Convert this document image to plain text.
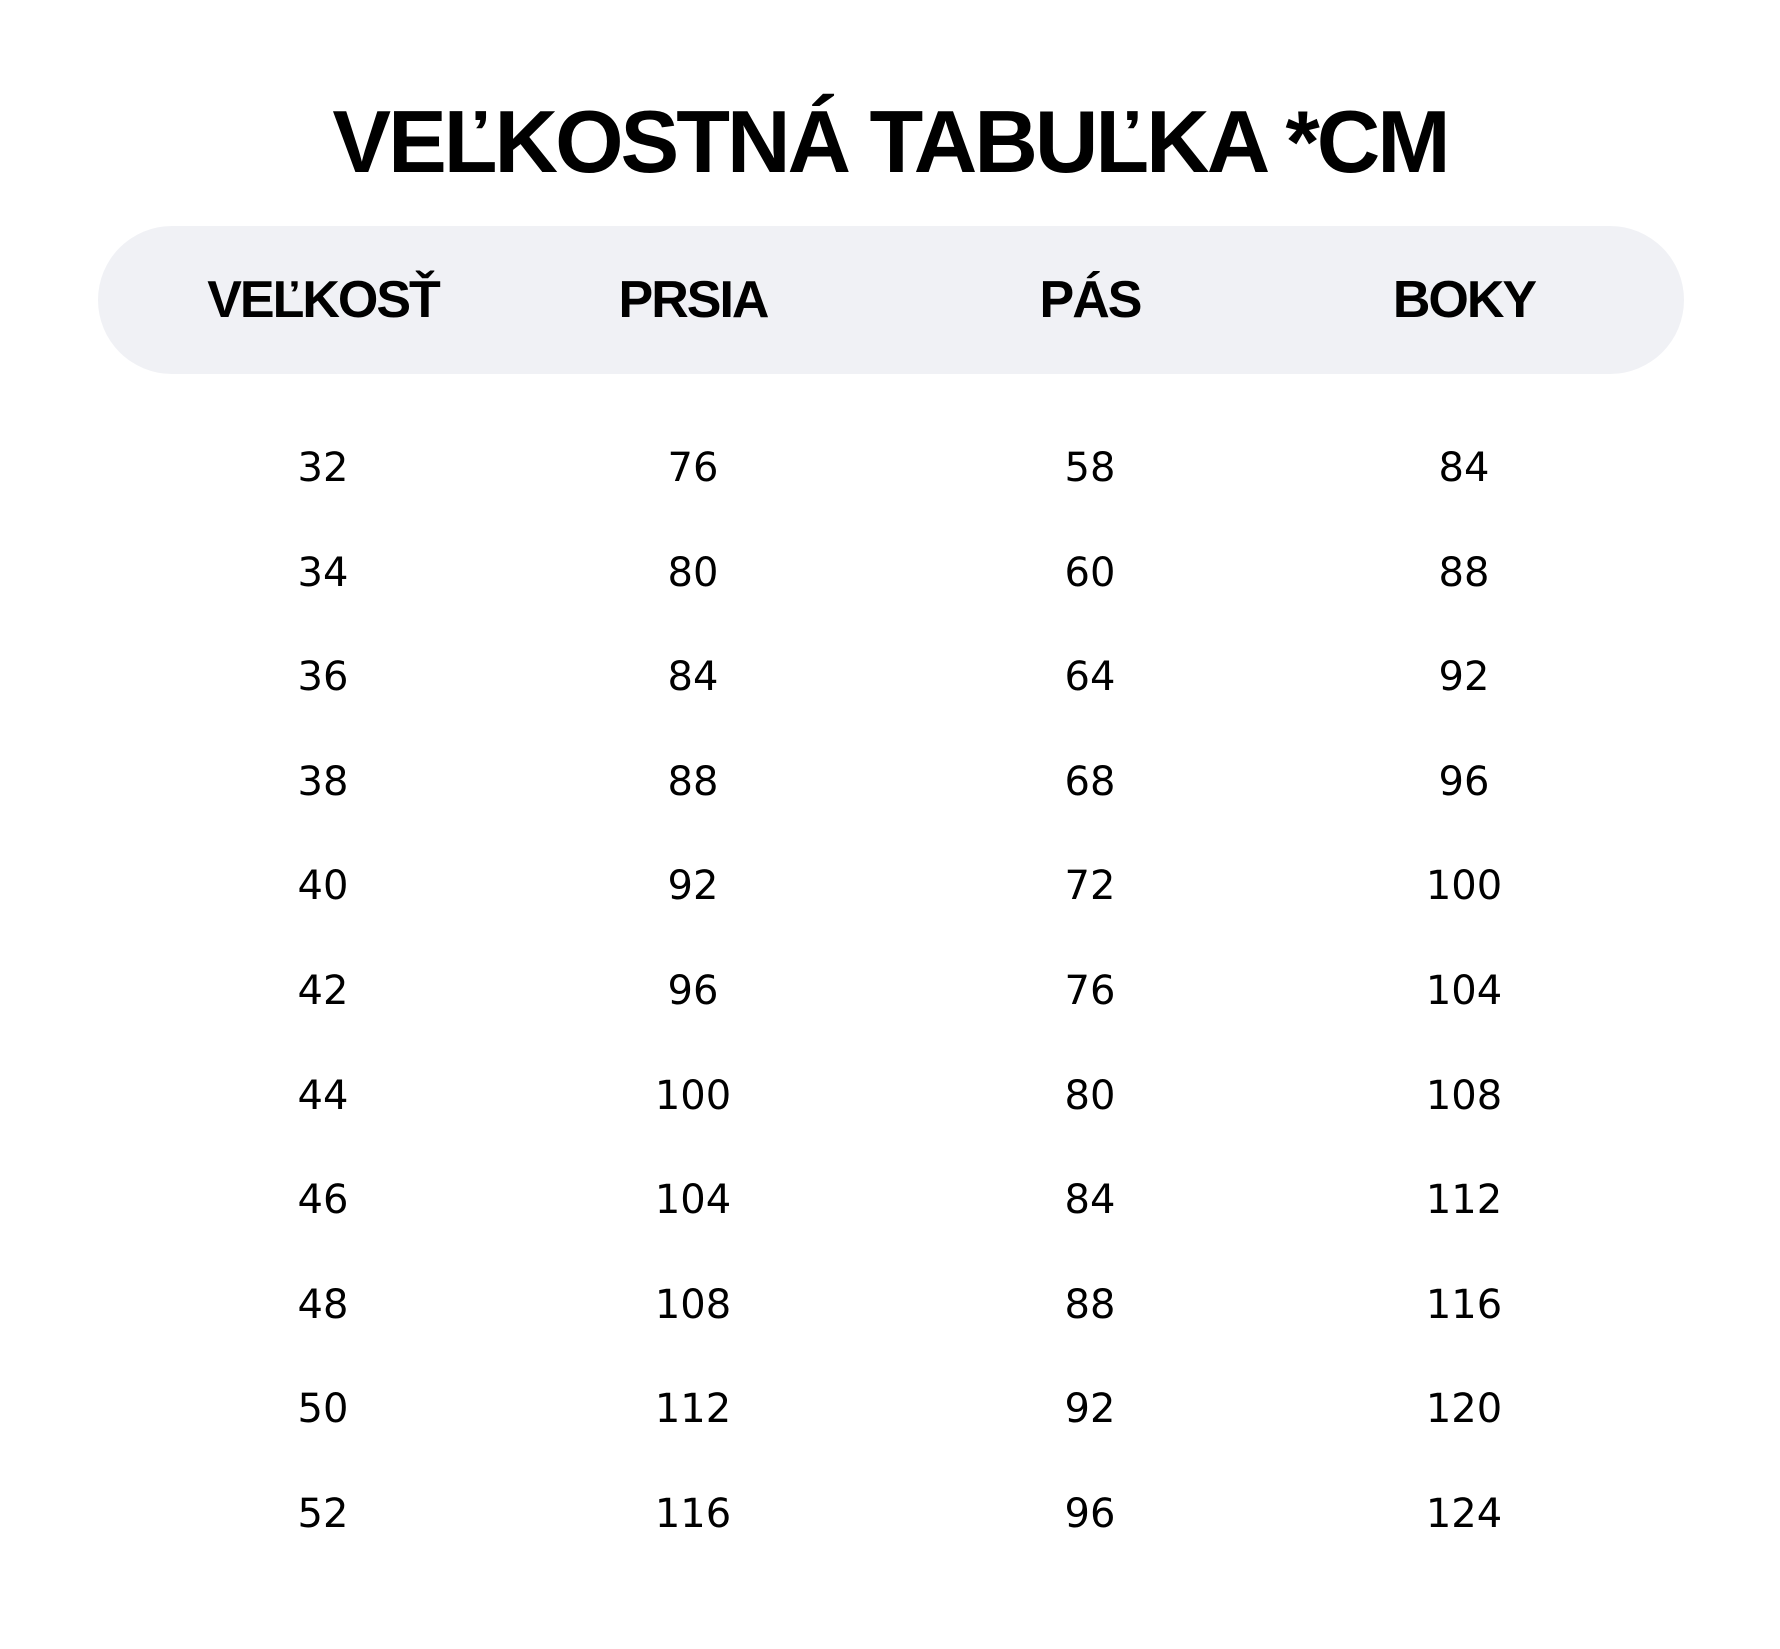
VEĽKOSTNÁ TABUĽKA *CM
VEĽKOSŤ	PRSIA	PÁS	BOKY
32	76	58	84
34	80	60	88
36	84	64	92
38	88	68	96
40	92	72	100
42	96	76	104
44	100	80	108
46	104	84	112
48	108	88	116
50	112	92	120
52	116	96	124
